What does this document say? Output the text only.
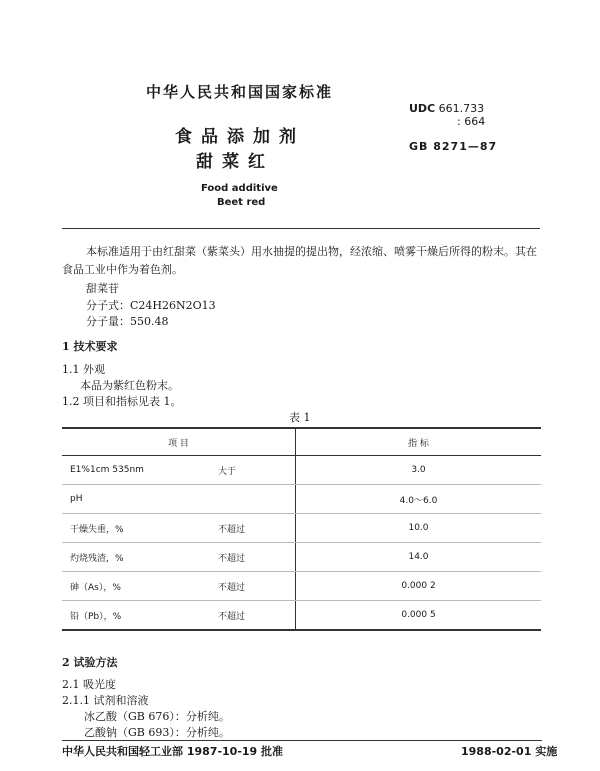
中华人民共和国国家标准
UDC 661.733
: 664
GB 8271—87
食品添加剂
甜菜红
Food additive
Beet red
本标准适用于由红甜菜（紫菜头）用水抽提的提出物，经浓缩、喷雾干燥后所得的粉末。其在食品工业中作为着色剂。
甜菜苷
分子式：C24H26N2O13
分子量：550.48
1 技术要求
1.1 外观
本品为紫红色粉末。
1.2 项目和指标见表 1。
表 1
项 目		指 标
E1%1cm 535nm	大于	3.0
pH		4.0～6.0
干燥失重，%	不超过	10.0
灼烧残渣，%	不超过	14.0
砷（As），%	不超过	0.000 2
铅（Pb），%	不超过	0.000 5
2 试验方法
2.1 吸光度
2.1.1 试剂和溶液
冰乙酸（GB 676）：分析纯。
乙酸钠（GB 693）：分析纯。
中华人民共和国轻工业部 1987-10-19 批准	1988-02-01 实施
